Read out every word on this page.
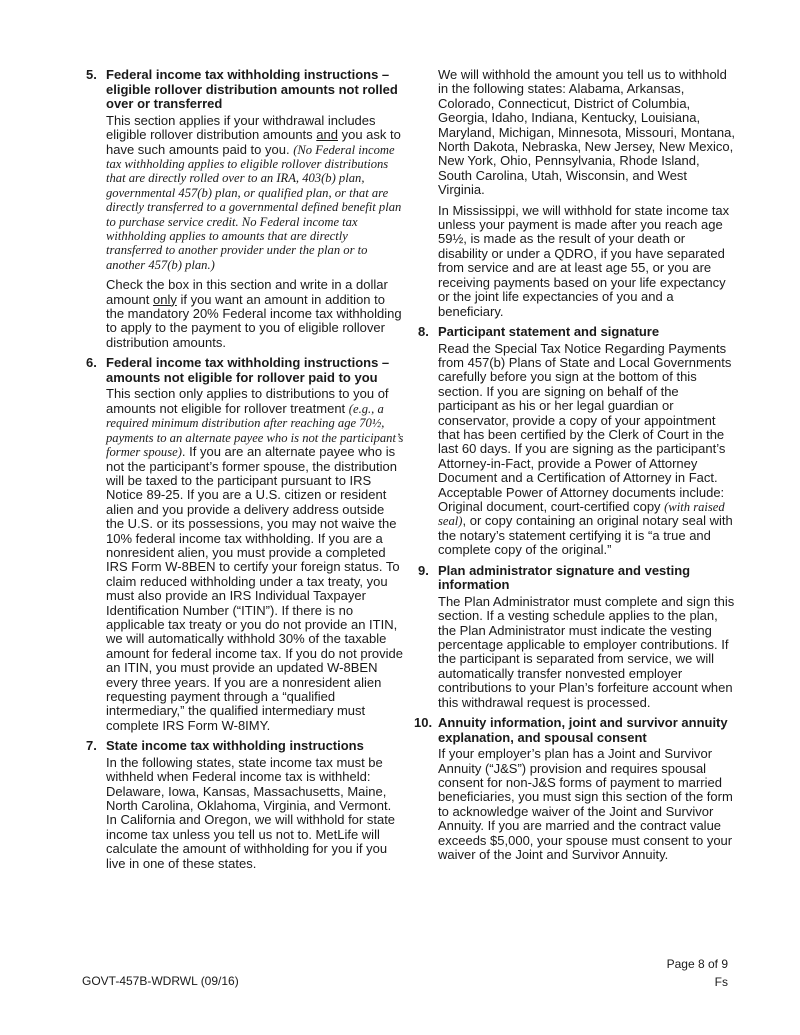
5. Federal income tax withholding instructions – eligible rollover distribution amounts not rolled over or transferred

This section applies if your withdrawal includes eligible rollover distribution amounts and you ask to have such amounts paid to you. (No Federal income tax withholding applies to eligible rollover distributions that are directly rolled over to an IRA, 403(b) plan, governmental 457(b) plan, or qualified plan, or that are directly transferred to a governmental defined benefit plan to purchase service credit. No Federal income tax withholding applies to amounts that are directly transferred to another provider under the plan or to another 457(b) plan.)

Check the box in this section and write in a dollar amount only if you want an amount in addition to the mandatory 20% Federal income tax withholding to apply to the payment to you of eligible rollover distribution amounts.

6. Federal income tax withholding instructions – amounts not eligible for rollover paid to you

This section only applies to distributions to you of amounts not eligible for rollover treatment (e.g., a required minimum distribution after reaching age 70½, payments to an alternate payee who is not the participant’s former spouse). If you are an alternate payee who is not the participant’s former spouse, the distribution will be taxed to the participant pursuant to IRS Notice 89-25. If you are a U.S. citizen or resident alien and you provide a delivery address outside the U.S. or its possessions, you may not waive the 10% federal income tax withholding. If you are a nonresident alien, you must provide a completed IRS Form W-8BEN to certify your foreign status. To claim reduced withholding under a tax treaty, you must also provide an IRS Individual Taxpayer Identification Number (“ITIN”). If there is no applicable tax treaty or you do not provide an ITIN, we will automatically withhold 30% of the taxable amount for federal income tax. If you do not provide an ITIN, you must provide an updated W-8BEN every three years. If you are a nonresident alien requesting payment through a “qualified intermediary,” the qualified intermediary must complete IRS Form W-8IMY.

7. State income tax withholding instructions

In the following states, state income tax must be withheld when Federal income tax is withheld: Delaware, Iowa, Kansas, Massachusetts, Maine, North Carolina, Oklahoma, Virginia, and Vermont. In California and Oregon, we will withhold for state income tax unless you tell us not to. MetLife will calculate the amount of withholding for you if you live in one of these states.

We will withhold the amount you tell us to withhold in the following states: Alabama, Arkansas, Colorado, Connecticut, District of Columbia, Georgia, Idaho, Indiana, Kentucky, Louisiana, Maryland, Michigan, Minnesota, Missouri, Montana, North Dakota, Nebraska, New Jersey, New Mexico, New York, Ohio, Pennsylvania, Rhode Island, South Carolina, Utah, Wisconsin, and West Virginia.

In Mississippi, we will withhold for state income tax unless your payment is made after you reach age 59½, is made as the result of your death or disability or under a QDRO, if you have separated from service and are at least age 55, or you are receiving payments based on your life expectancy or the joint life expectancies of you and a beneficiary.

8. Participant statement and signature

Read the Special Tax Notice Regarding Payments from 457(b) Plans of State and Local Governments carefully before you sign at the bottom of this section. If you are signing on behalf of the participant as his or her legal guardian or conservator, provide a copy of your appointment that has been certified by the Clerk of Court in the last 60 days. If you are signing as the participant’s Attorney-in-Fact, provide a Power of Attorney Document and a Certification of Attorney in Fact. Acceptable Power of Attorney documents include: Original document, court-certified copy (with raised seal), or copy containing an original notary seal with the notary’s statement certifying it is “a true and complete copy of the original.”

9. Plan administrator signature and vesting information

The Plan Administrator must complete and sign this section. If a vesting schedule applies to the plan, the Plan Administrator must indicate the vesting percentage applicable to employer contributions. If the participant is separated from service, we will automatically transfer nonvested employer contributions to your Plan’s forfeiture account when this withdrawal request is processed.

10. Annuity information, joint and survivor annuity explanation, and spousal consent

If your employer’s plan has a Joint and Survivor Annuity (“J&S”) provision and requires spousal consent for non-J&S forms of payment to married beneficiaries, you must sign this section of the form to acknowledge waiver of the Joint and Survivor Annuity. If you are married and the contract value exceeds $5,000, your spouse must consent to your waiver of the Joint and Survivor Annuity.

GOVT-457B-WDRWL (09/16)
Page 8 of 9
Fs
